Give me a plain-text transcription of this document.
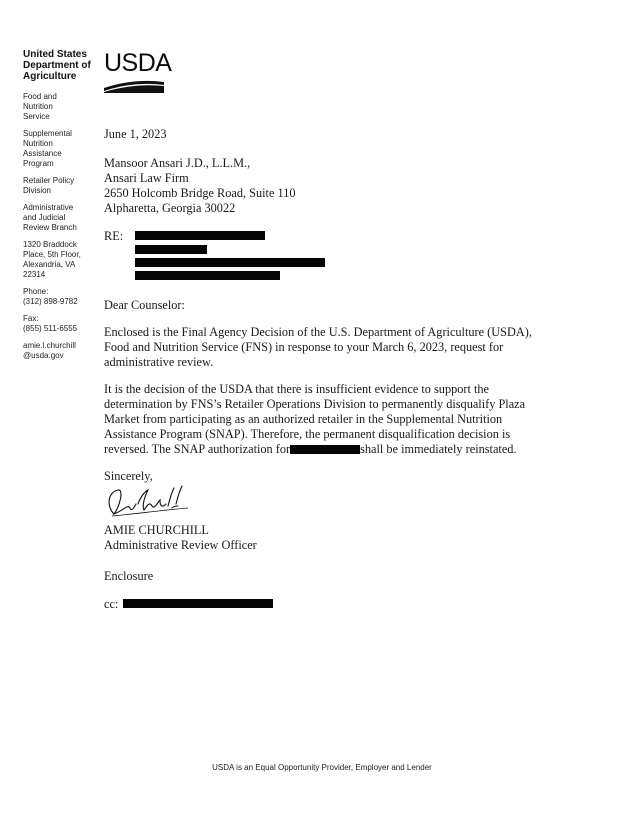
United States
Department of
Agriculture
Food and
Nutrition
Service
Supplemental
Nutrition
Assistance
Program
Retailer Policy
Division
Administrative
and Judicial
Review Branch
1320 Braddock
Place, 5th Floor,
Alexandria, VA
22314
Phone:
(312) 898-9782
Fax:
(855) 511-6555
amie.l.churchill
@usda.gov
USDA
June 1, 2023
Mansoor Ansari J.D., L.L.M.,
Ansari Law Firm
2650 Holcomb Bridge Road, Suite 110
Alpharetta, Georgia 30022
RE:
Dear Counselor:
Enclosed is the Final Agency Decision of the U.S. Department of Agriculture (USDA),
Food and Nutrition Service (FNS) in response to your March 6, 2023, request for
administrative review.
It is the decision of the USDA that there is insufficient evidence to support the
determination by FNS’s Retailer Operations Division to permanently disqualify Plaza
Market from participating as an authorized retailer in the Supplemental Nutrition
Assistance Program (SNAP). Therefore, the permanent disqualification decision is
reversed. The SNAP authorization for	shall be immediately reinstated.
Sincerely,
AMIE CHURCHILL
Administrative Review Officer
Enclosure
cc:
USDA is an Equal Opportunity Provider, Employer and Lender
